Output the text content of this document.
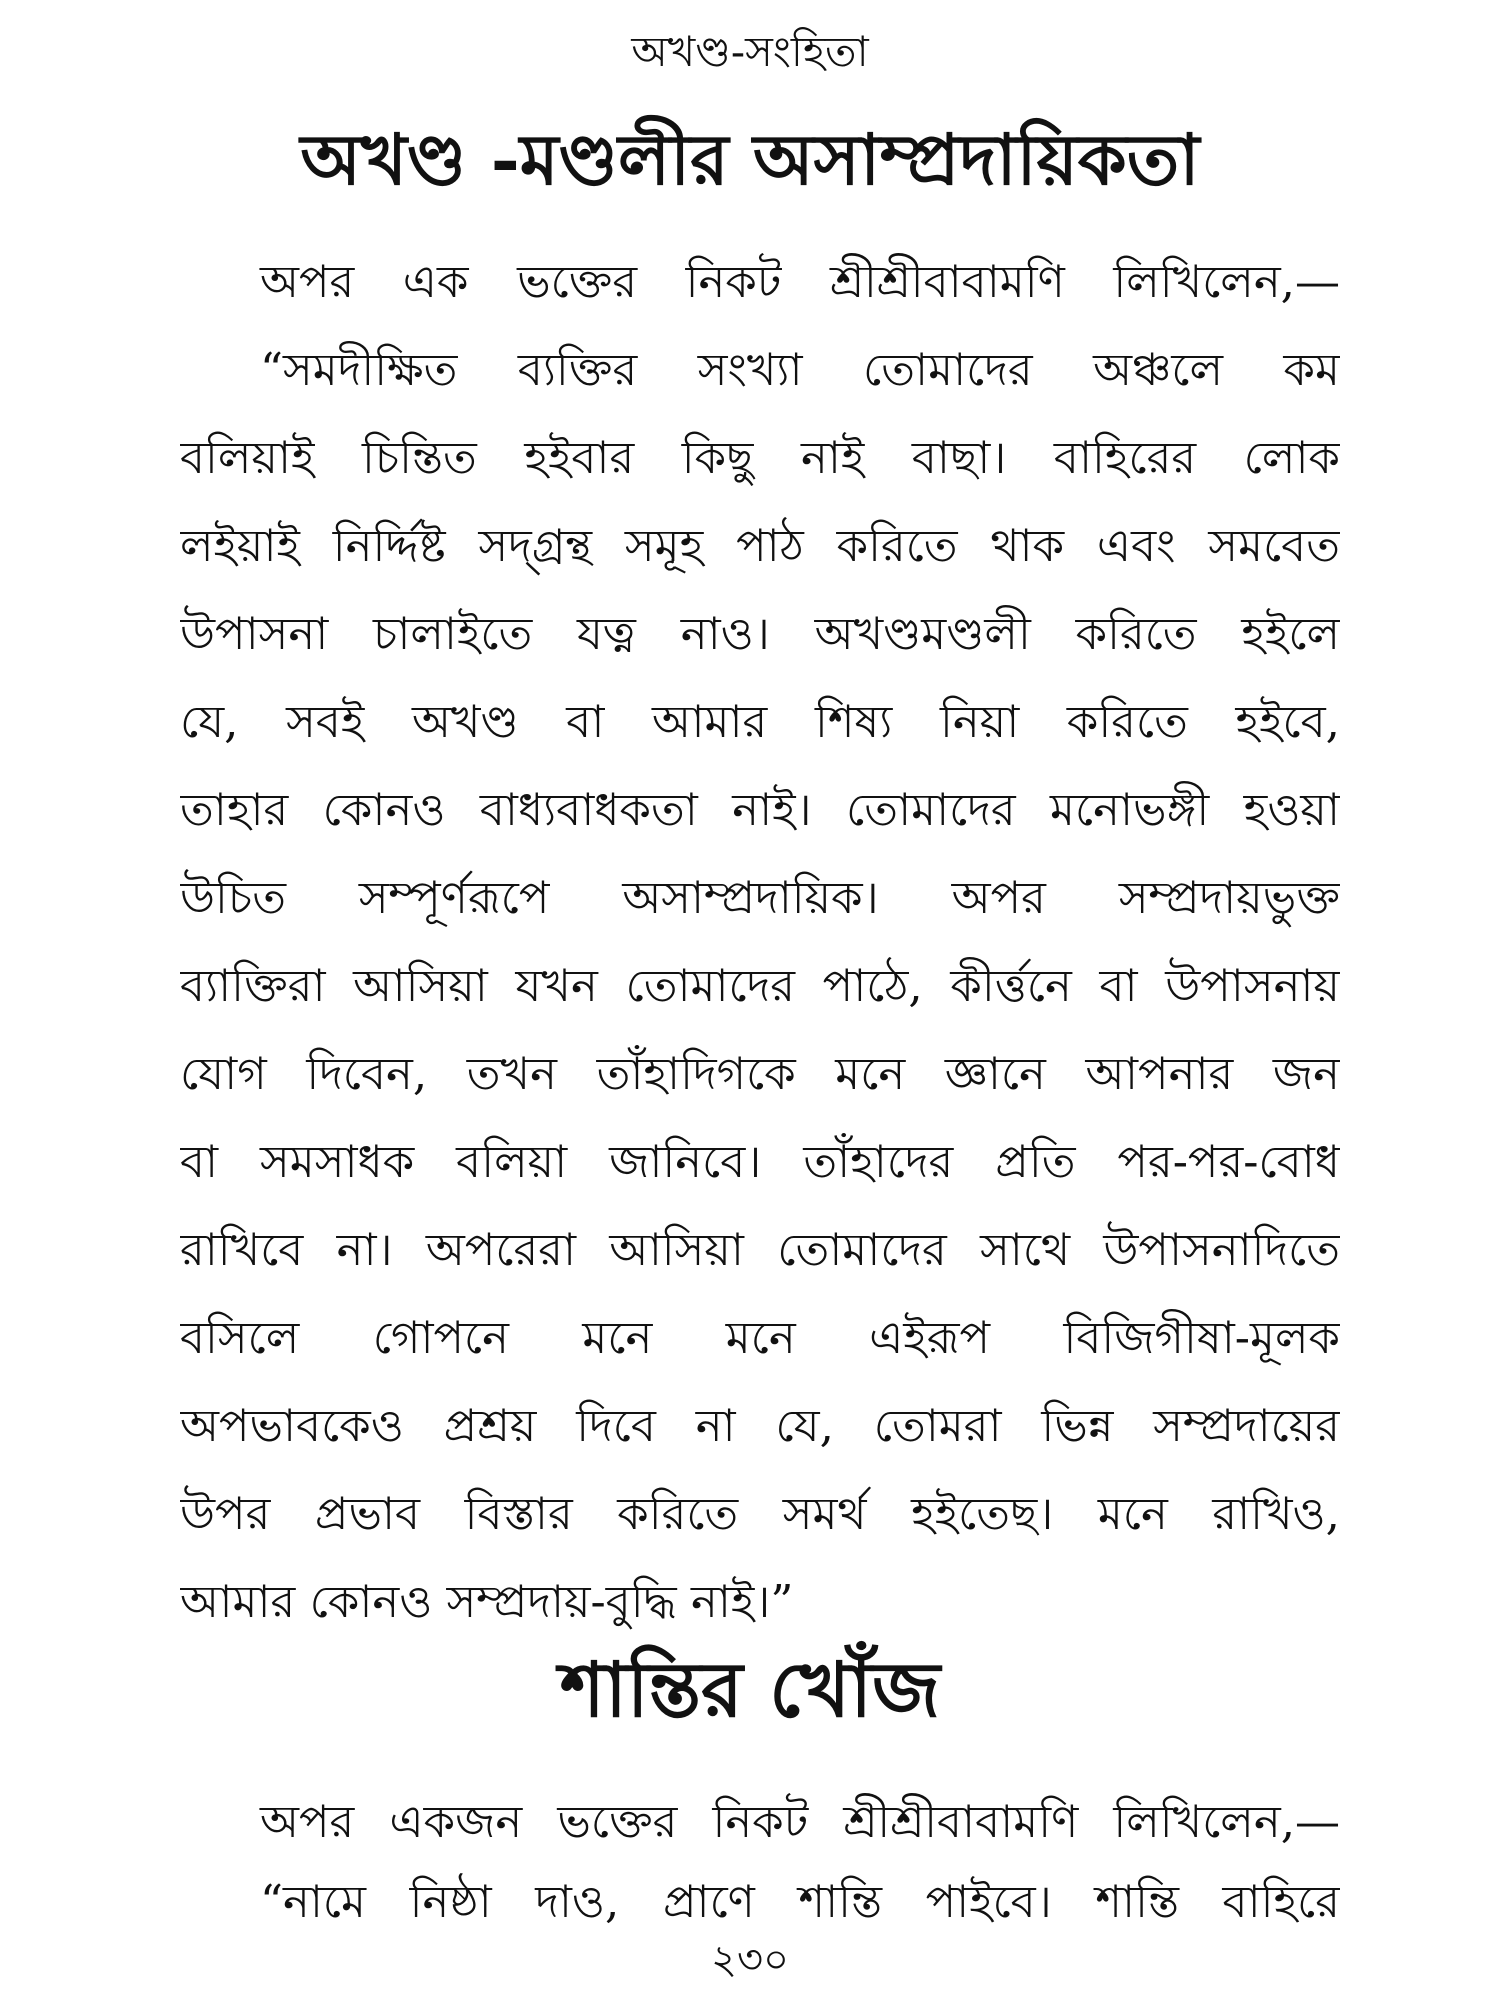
অখণ্ড-সংহিতা
অখণ্ড -মণ্ডলীর অসাম্প্রদায়িকতা
অপর এক ভক্তের নিকট শ্রীশ্রীবাবামণি লিখিলেন,—
“সমদীক্ষিত ব্যক্তির সংখ্যা তোমাদের অঞ্চলে কম
বলিয়াই চিন্তিত হইবার কিছু নাই বাছা। বাহিরের লোক
লইয়াই নির্দ্দিষ্ট সদ্‌গ্রন্থ সমূহ পাঠ করিতে থাক এবং সমবেত
উপাসনা চালাইতে যত্ন নাও। অখণ্ডমণ্ডলী করিতে হইলে
যে, সবই অখণ্ড বা আমার শিষ্য নিয়া করিতে হইবে,
তাহার কোনও বাধ্যবাধকতা নাই। তোমাদের মনোভঙ্গী হওয়া
উচিত সম্পূর্ণরূপে অসাম্প্রদায়িক। অপর সম্প্রদায়ভুক্ত
ব্যাক্তিরা আসিয়া যখন তোমাদের পাঠে, কীর্ত্তনে বা উপাসনায়
যোগ দিবেন, তখন তাঁহাদিগকে মনে জ্ঞানে আপনার জন
বা সমসাধক বলিয়া জানিবে। তাঁহাদের প্রতি পর-পর-বোধ
রাখিবে না। অপরেরা আসিয়া তোমাদের সাথে উপাসনাদিতে
বসিলে গোপনে মনে মনে এইরূপ বিজিগীষা-মূলক
অপভাবকেও প্রশ্রয় দিবে না যে, তোমরা ভিন্ন সম্প্রদায়ের
উপর প্রভাব বিস্তার করিতে সমর্থ হইতেছ। মনে রাখিও,
আমার কোনও সম্প্রদায়-বুদ্ধি নাই।”
শান্তির খোঁজ
অপর একজন ভক্তের নিকট শ্রীশ্রীবাবামণি লিখিলেন,—
“নামে নিষ্ঠা দাও, প্রাণে শান্তি পাইবে। শান্তি বাহিরে
২৩০
